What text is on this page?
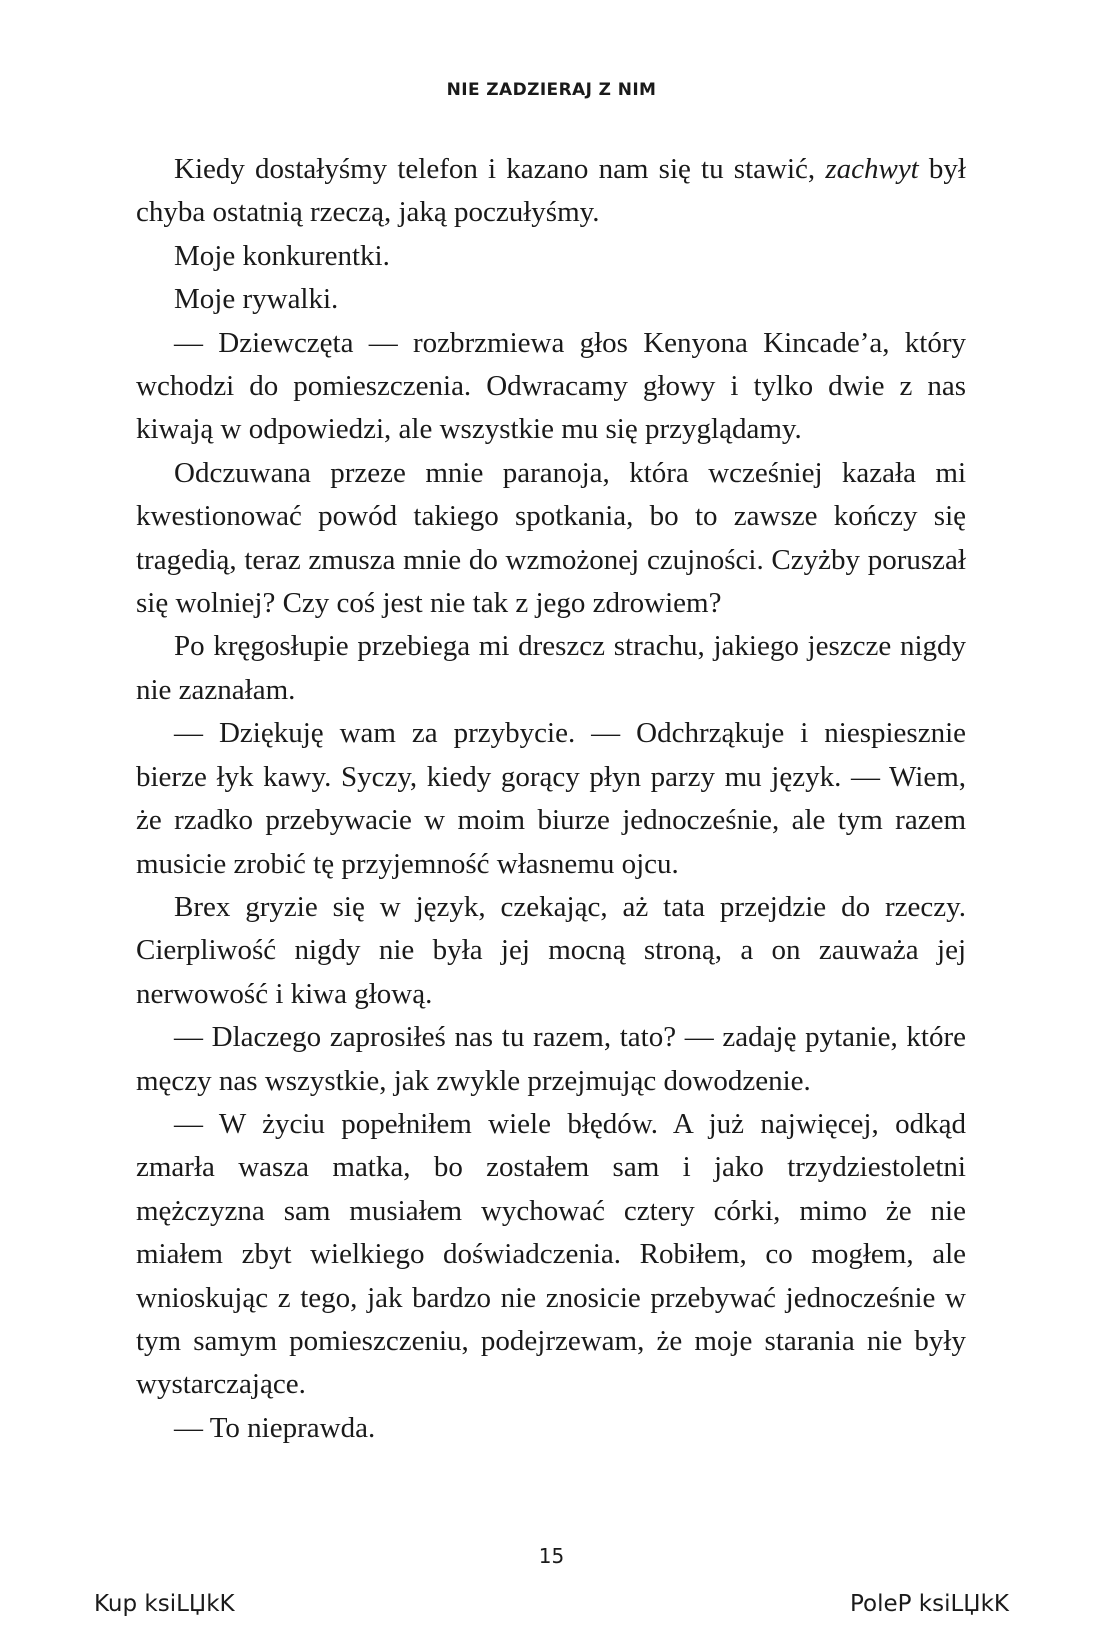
NIE ZADZIERAJ Z NIM

Kiedy dostałyśmy telefon i kazano nam się tu stawić, zachwyt był chyba ostatnią rzeczą, jaką poczułyśmy.

Moje konkurentki.

Moje rywalki.

— Dziewczęta — rozbrzmiewa głos Kenyona Kincade’a, który wchodzi do pomieszczenia. Odwracamy głowy i tylko dwie z nas kiwają w odpowiedzi, ale wszystkie mu się przyglądamy.

Odczuwana przeze mnie paranoja, która wcześniej kazała mi kwestionować powód takiego spotkania, bo to zawsze kończy się tragedią, teraz zmusza mnie do wzmożonej czujności. Czyżby poruszał się wolniej? Czy coś jest nie tak z jego zdrowiem?

Po kręgosłupie przebiega mi dreszcz strachu, jakiego jeszcze nigdy nie zaznałam.

— Dziękuję wam za przybycie. — Odchrząkuje i niespiesznie bierze łyk kawy. Syczy, kiedy gorący płyn parzy mu język. — Wiem, że rzadko przebywacie w moim biurze jednocześnie, ale tym razem musicie zrobić tę przyjemność własnemu ojcu.

Brex gryzie się w język, czekając, aż tata przejdzie do rzeczy. Cierpliwość nigdy nie była jej mocną stroną, a on zauważa jej nerwowość i kiwa głową.

— Dlaczego zaprosiłeś nas tu razem, tato? — zadaję pytanie, które męczy nas wszystkie, jak zwykle przejmując dowodzenie.

— W życiu popełniłem wiele błędów. A już najwięcej, odkąd zmarła wasza matka, bo zostałem sam i jako trzydziestoletni mężczyzna sam musiałem wychować cztery córki, mimo że nie miałem zbyt wielkiego doświadczenia. Robiłem, co mogłem, ale wnioskując z tego, jak bardzo nie znosicie przebywać jednocześnie w tym samym pomieszczeniu, podejrzewam, że moje starania nie były wystarczające.

— To nieprawda.

15
Kup ksiLЏkK	PoleP ksiLЏkK
